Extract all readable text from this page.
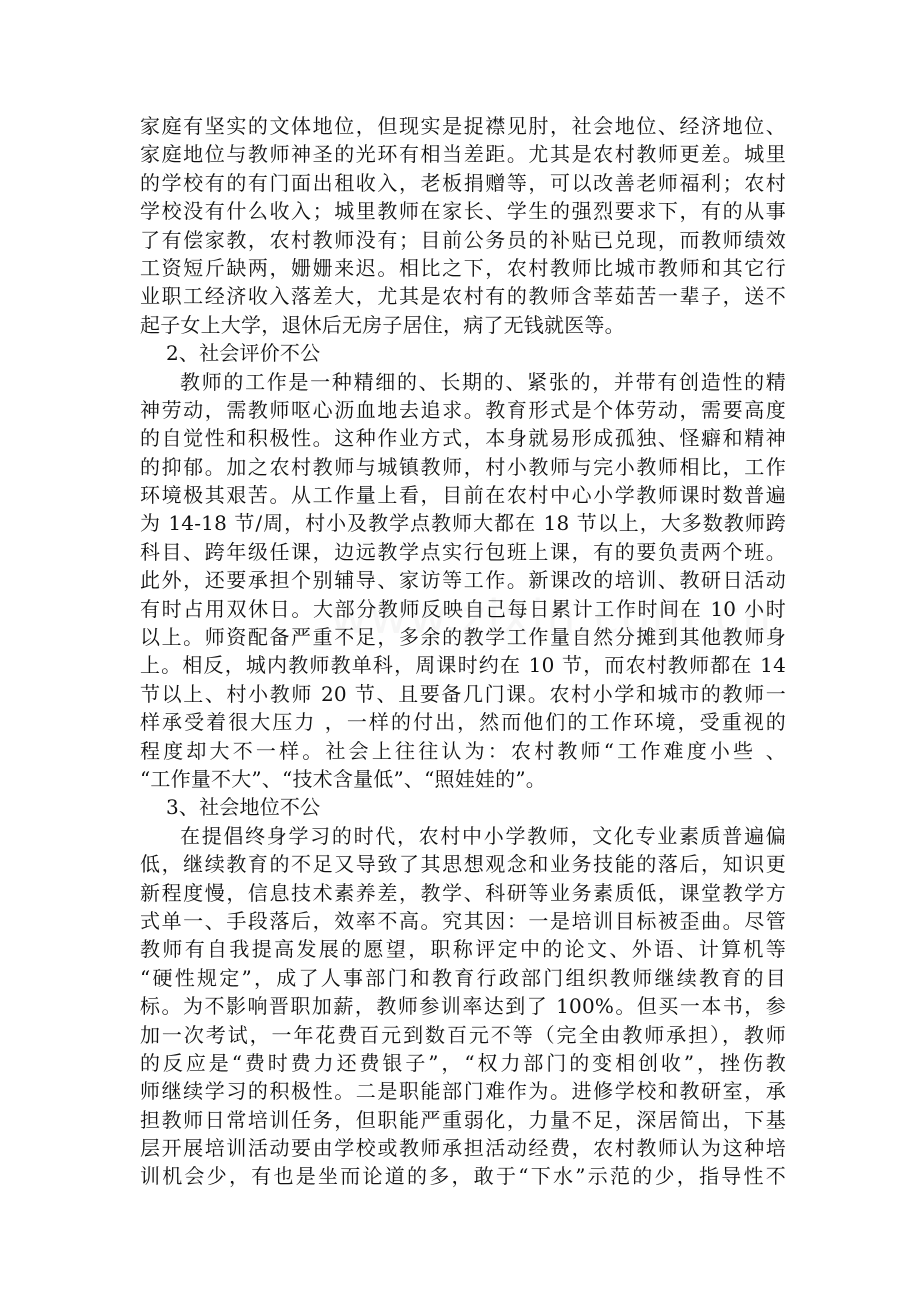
家庭有坚实的文体地位，但现实是捉襟见肘，社会地位、经济地位、
家庭地位与教师神圣的光环有相当差距。尤其是农村教师更差。城里
的学校有的有门面出租收入，老板捐赠等，可以改善老师福利；农村
学校没有什么收入；城里教师在家长、学生的强烈要求下，有的从事
了有偿家教，农村教师没有；目前公务员的补贴已兑现，而教师绩效
工资短斤缺两，姗姗来迟。相比之下，农村教师比城市教师和其它行
业职工经济收入落差大，尤其是农村有的教师含莘茹苦一辈子，送不
起子女上大学，退休后无房子居住，病了无钱就医等。
2、社会评价不公
教师的工作是一种精细的、长期的、紧张的，并带有创造性的精
神劳动，需教师呕心沥血地去追求。教育形式是个体劳动，需要高度
的自觉性和积极性。这种作业方式，本身就易形成孤独、怪癖和精神
的抑郁。加之农村教师与城镇教师，村小教师与完小教师相比，工作
环境极其艰苦。从工作量上看，目前在农村中心小学教师课时数普遍
为 14-18 节/周，村小及教学点教师大都在 18 节以上，大多数教师跨
科目、跨年级任课，边远教学点实行包班上课，有的要负责两个班。
此外，还要承担个别辅导、家访等工作。新课改的培训、教研日活动
有时占用双休日。大部分教师反映自己每日累计工作时间在 10 小时
以上。师资配备严重不足，多余的教学工作量自然分摊到其他教师身
上。相反，城内教师教单科，周课时约在 10 节，而农村教师都在 14
节以上、村小教师 20 节、且要备几门课。农村小学和城市的教师一
样承受着很大压力 ，一样的付出，然而他们的工作环境，受重视的
程度却大不一样。社会上往往认为：农村教师“工作难度小些 、
“工作量不大”、“技术含量低”、“照娃娃的”。
3、社会地位不公
在提倡终身学习的时代，农村中小学教师，文化专业素质普遍偏
低，继续教育的不足又导致了其思想观念和业务技能的落后，知识更
新程度慢，信息技术素养差，教学、科研等业务素质低，课堂教学方
式单一、手段落后，效率不高。究其因：一是培训目标被歪曲。尽管
教师有自我提高发展的愿望，职称评定中的论文、外语、计算机等
“硬性规定”，成了人事部门和教育行政部门组织教师继续教育的目
标。为不影响晋职加薪，教师参训率达到了 100%。但买一本书，参
加一次考试，一年花费百元到数百元不等（完全由教师承担），教师
的反应是“费时费力还费银子”，“权力部门的变相创收”，挫伤教
师继续学习的积极性。二是职能部门难作为。进修学校和教研室，承
担教师日常培训任务，但职能严重弱化，力量不足，深居简出，下基
层开展培训活动要由学校或教师承担活动经费，农村教师认为这种培
训机会少，有也是坐而论道的多，敢于“下水”示范的少，指导性不
